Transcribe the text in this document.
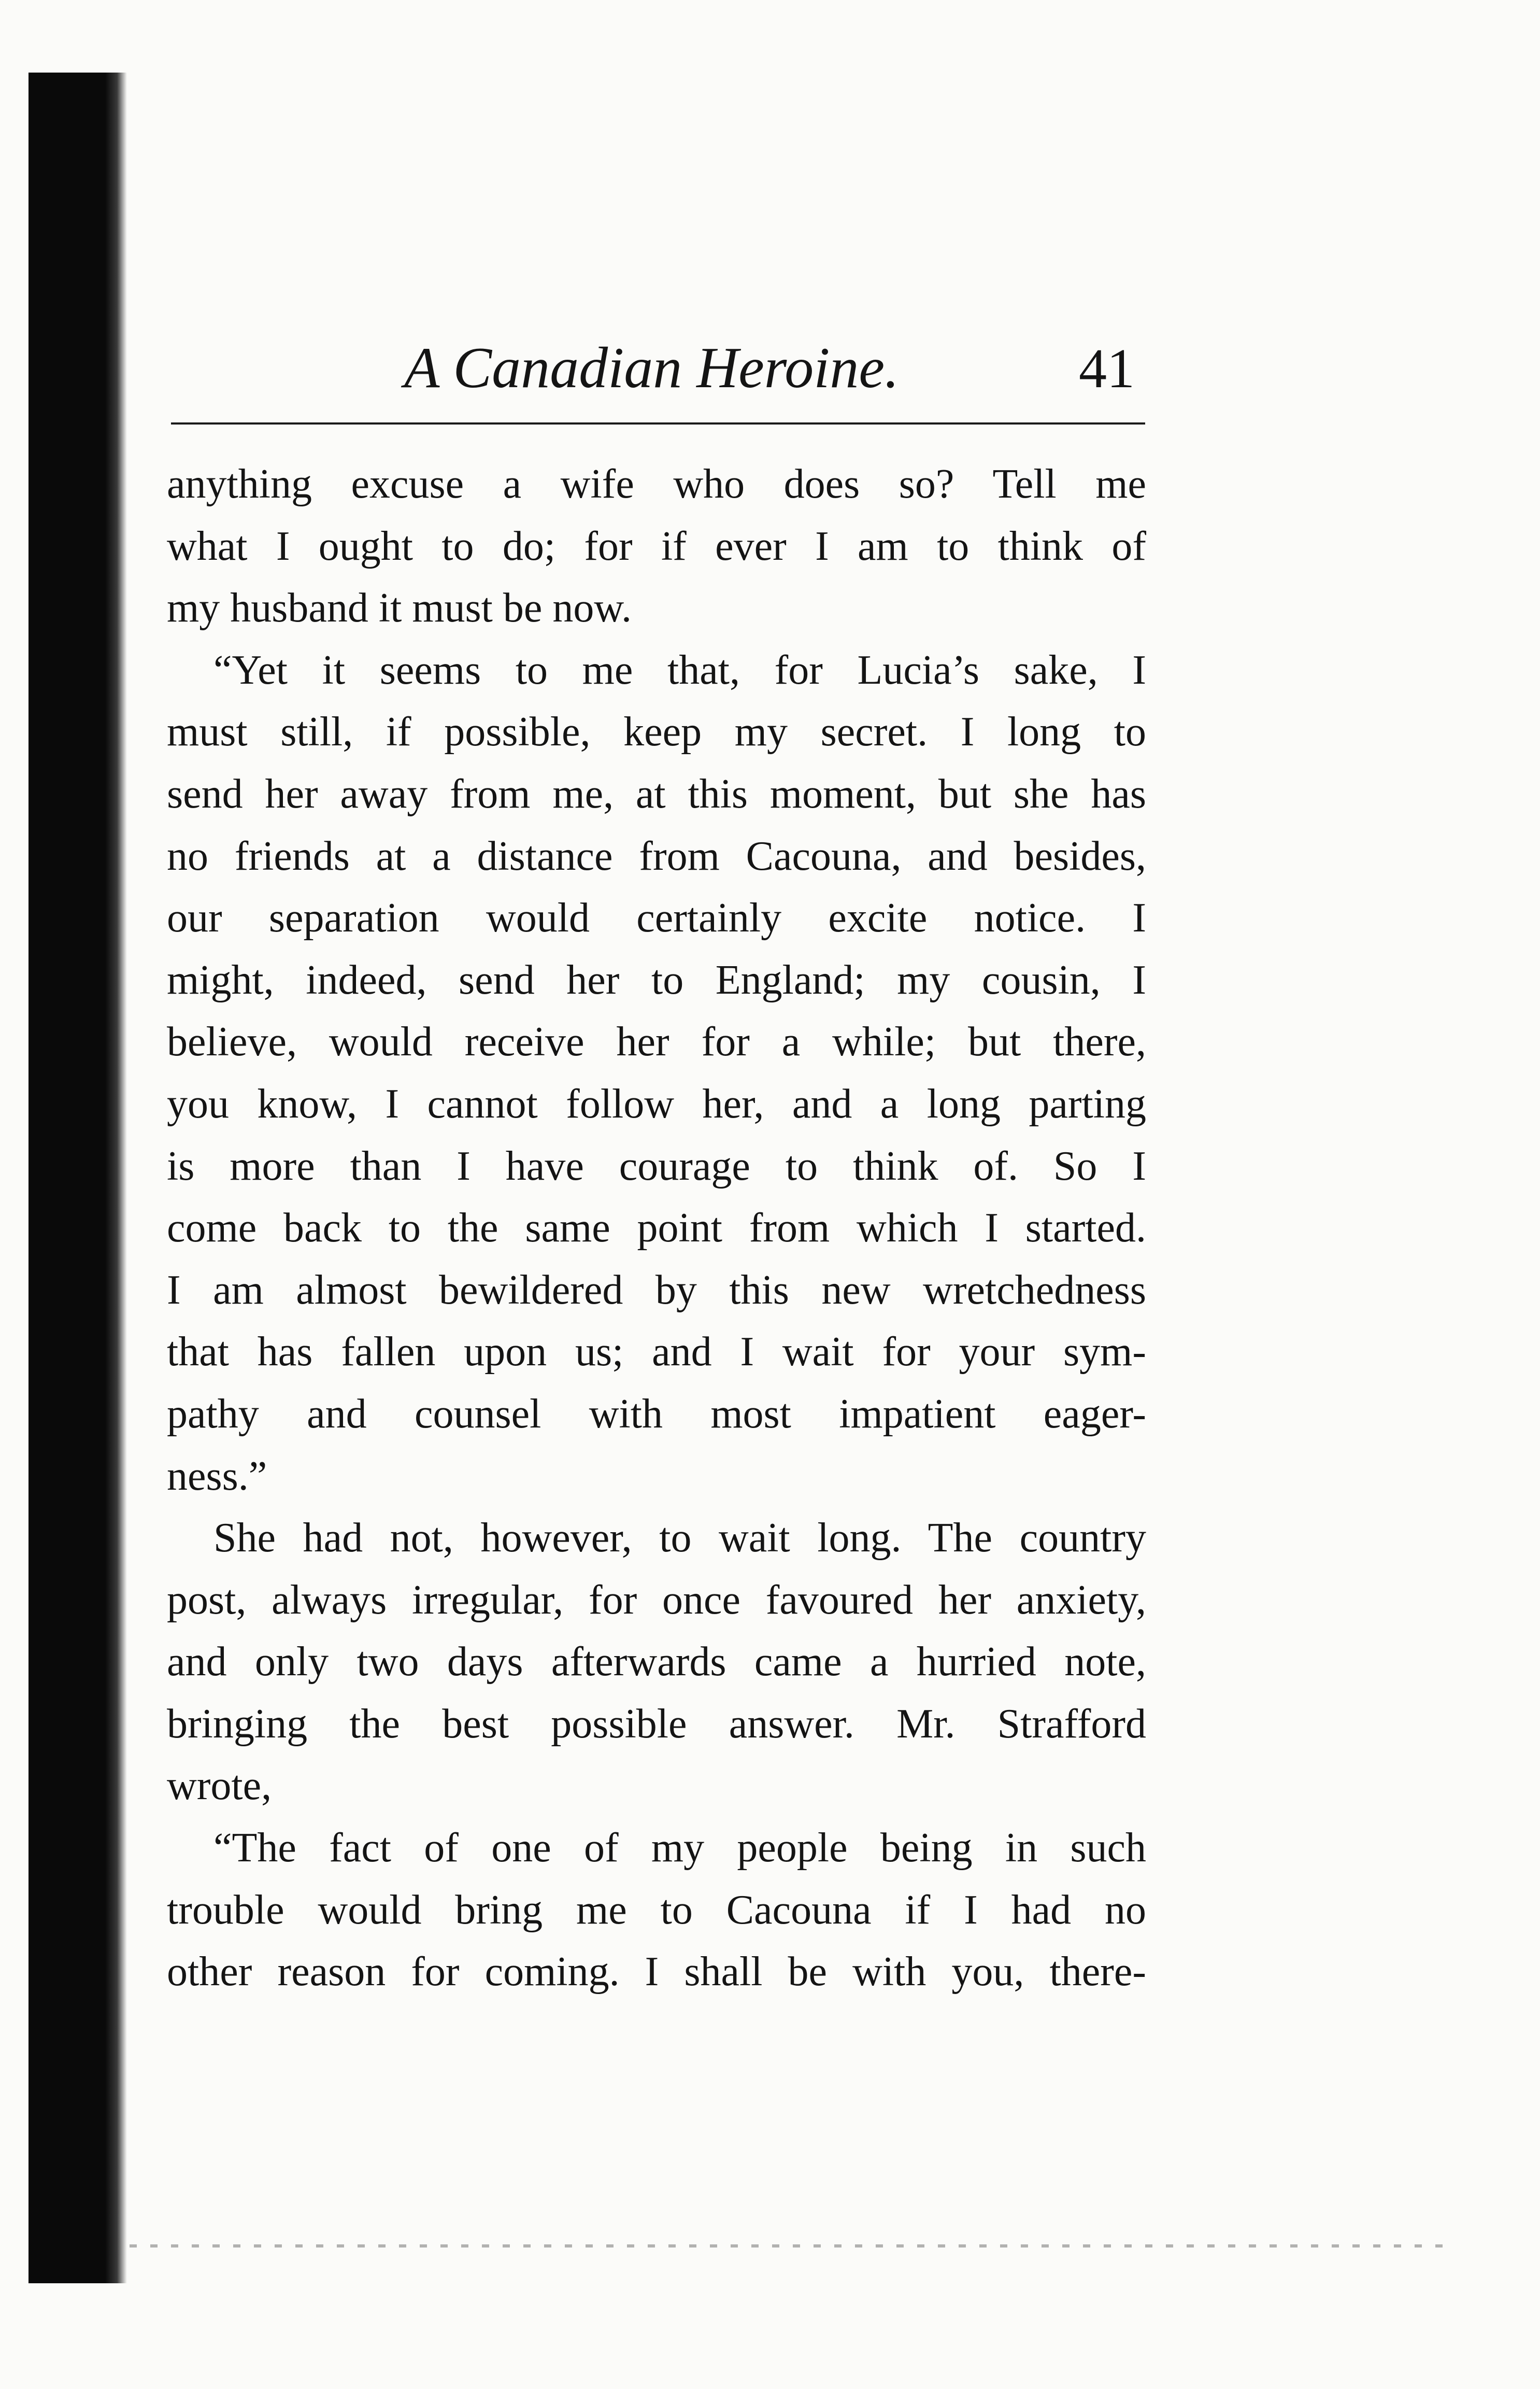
A Canadian Heroine.	41
anything excuse a wife who does so? Tell me
what I ought to do; for if ever I am to think of
my husband it must be now.
“Yet it seems to me that, for Lucia’s sake, I
must still, if possible, keep my secret. I long to
send her away from me, at this moment, but she has
no friends at a distance from Cacouna, and besides,
our separation would certainly excite notice. I
might, indeed, send her to England; my cousin, I
believe, would receive her for a while; but there,
you know, I cannot follow her, and a long parting
is more than I have courage to think of. So I
come back to the same point from which I started.
I am almost bewildered by this new wretchedness
that has fallen upon us; and I wait for your sym-
pathy and counsel with most impatient eager-
ness.”
She had not, however, to wait long. The country
post, always irregular, for once favoured her anxiety,
and only two days afterwards came a hurried note,
bringing the best possible answer. Mr. Strafford
wrote,
“The fact of one of my people being in such
trouble would bring me to Cacouna if I had no
other reason for coming. I shall be with you, there-
